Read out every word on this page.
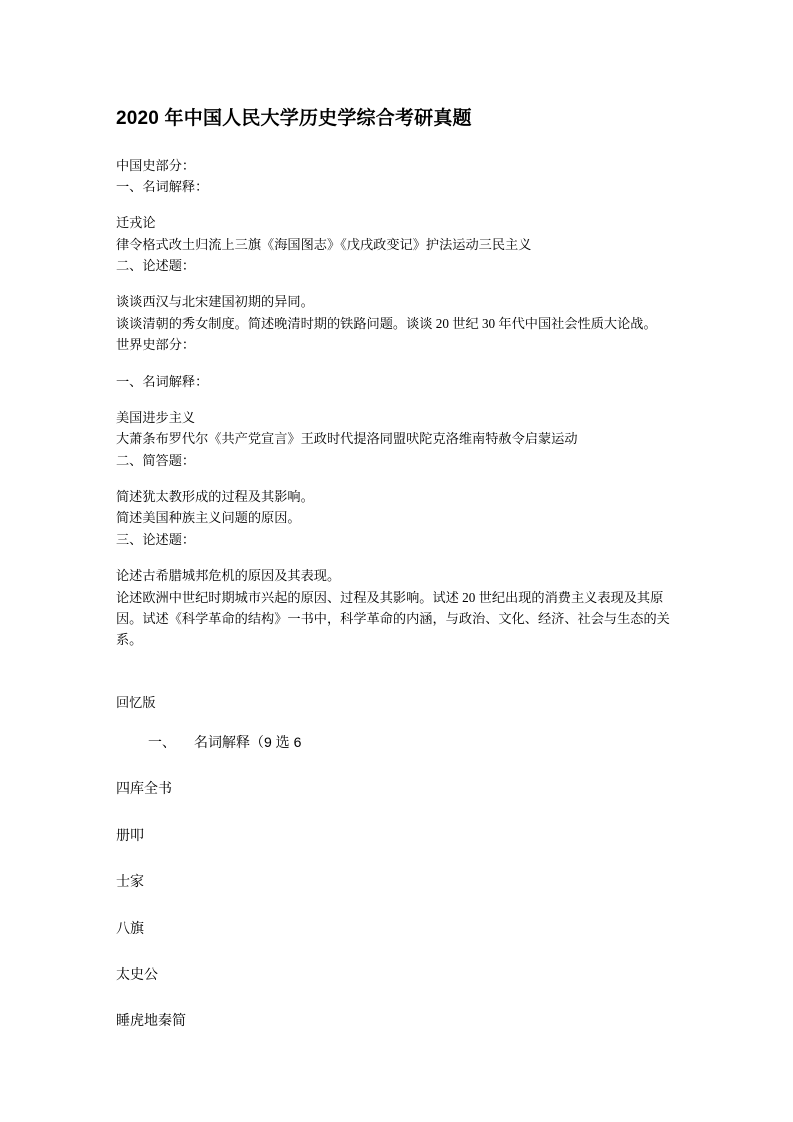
2020 年中国人民大学历史学综合考研真题

中国史部分：

一、名词解释：

迁戎论

律令格式改土归流上三旗《海国图志》《戊戌政变记》护法运动三民主义

二、论述题：

谈谈西汉与北宋建国初期的异同。

谈谈清朝的秀女制度。简述晚清时期的铁路问题。谈谈 20 世纪 30 年代中国社会性质大论战。

世界史部分：

一、名词解释：

美国进步主义

大萧条布罗代尔《共产党宣言》王政时代提洛同盟吠陀克洛维南特赦令启蒙运动

二、简答题：

简述犹太教形成的过程及其影响。

简述美国种族主义问题的原因。

三、论述题：

论述古希腊城邦危机的原因及其表现。

论述欧洲中世纪时期城市兴起的原因、过程及其影响。试述 20 世纪出现的消费主义表现及其原因。试述《科学革命的结构》一书中，科学革命的内涵，与政治、文化、经济、社会与生态的关系。

回忆版

一、 名词解释（9 选 6

四库全书

册叩

士家

八旗

太史公

睡虎地秦简
